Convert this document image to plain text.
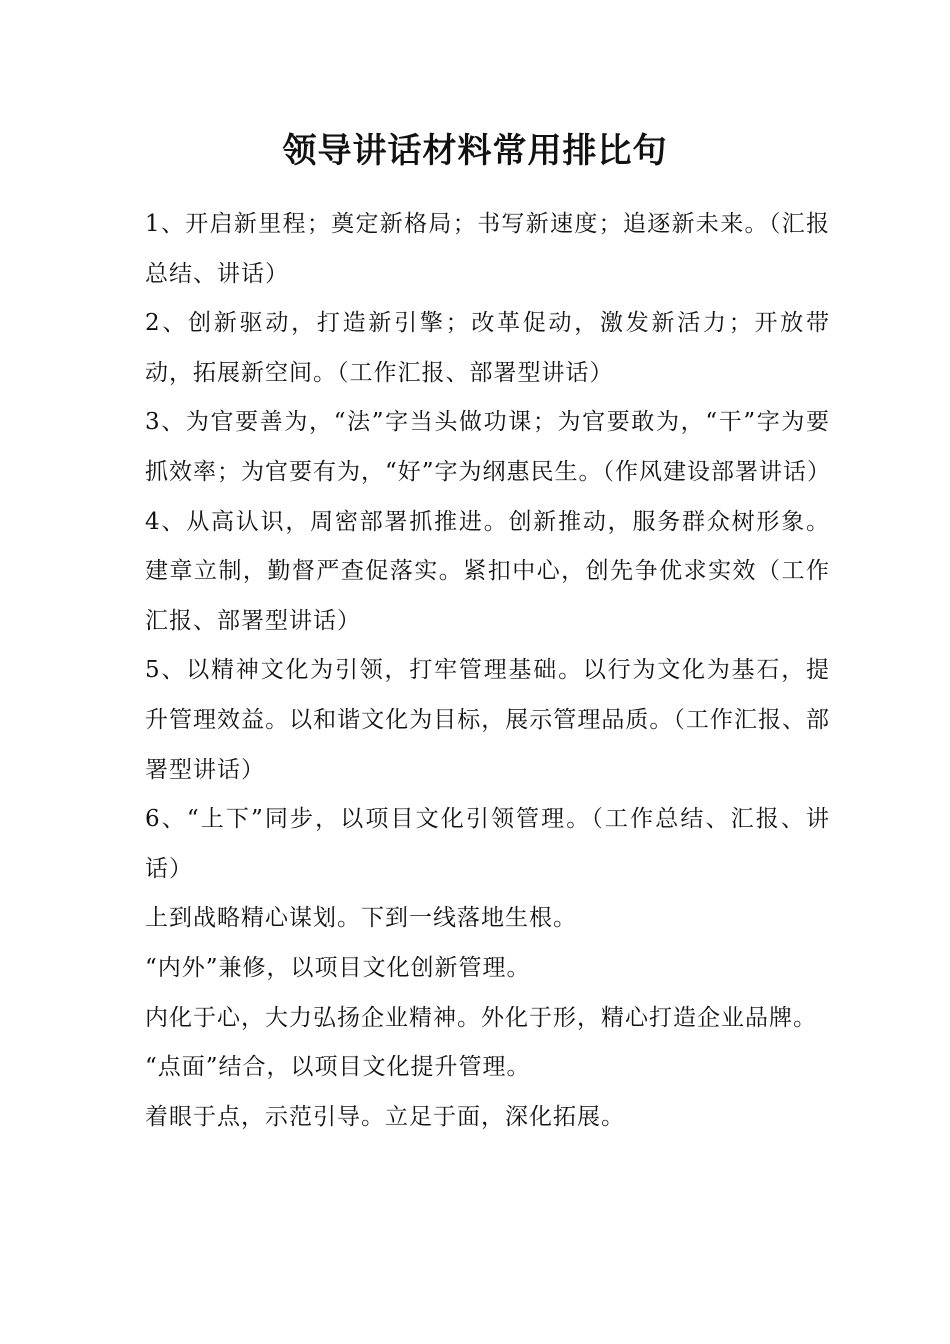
领导讲话材料常用排比句

1、开启新里程；奠定新格局；书写新速度；追逐新未来。（汇报总结、讲话）

2、创新驱动，打造新引擎；改革促动，激发新活力；开放带动，拓展新空间。（工作汇报、部署型讲话）

3、为官要善为，“法”字当头做功课；为官要敢为，“干”字为要抓效率；为官要有为，“好”字为纲惠民生。（作风建设部署讲话）

4、从高认识，周密部署抓推进。创新推动，服务群众树形象。建章立制，勤督严查促落实。紧扣中心，创先争优求实效（工作汇报、部署型讲话）

5、以精神文化为引领，打牢管理基础。以行为文化为基石，提升管理效益。以和谐文化为目标，展示管理品质。（工作汇报、部署型讲话）

6、“上下”同步，以项目文化引领管理。（工作总结、汇报、讲话）

上到战略精心谋划。下到一线落地生根。

“内外”兼修，以项目文化创新管理。

内化于心，大力弘扬企业精神。外化于形，精心打造企业品牌。

“点面”结合，以项目文化提升管理。

着眼于点，示范引导。立足于面，深化拓展。
